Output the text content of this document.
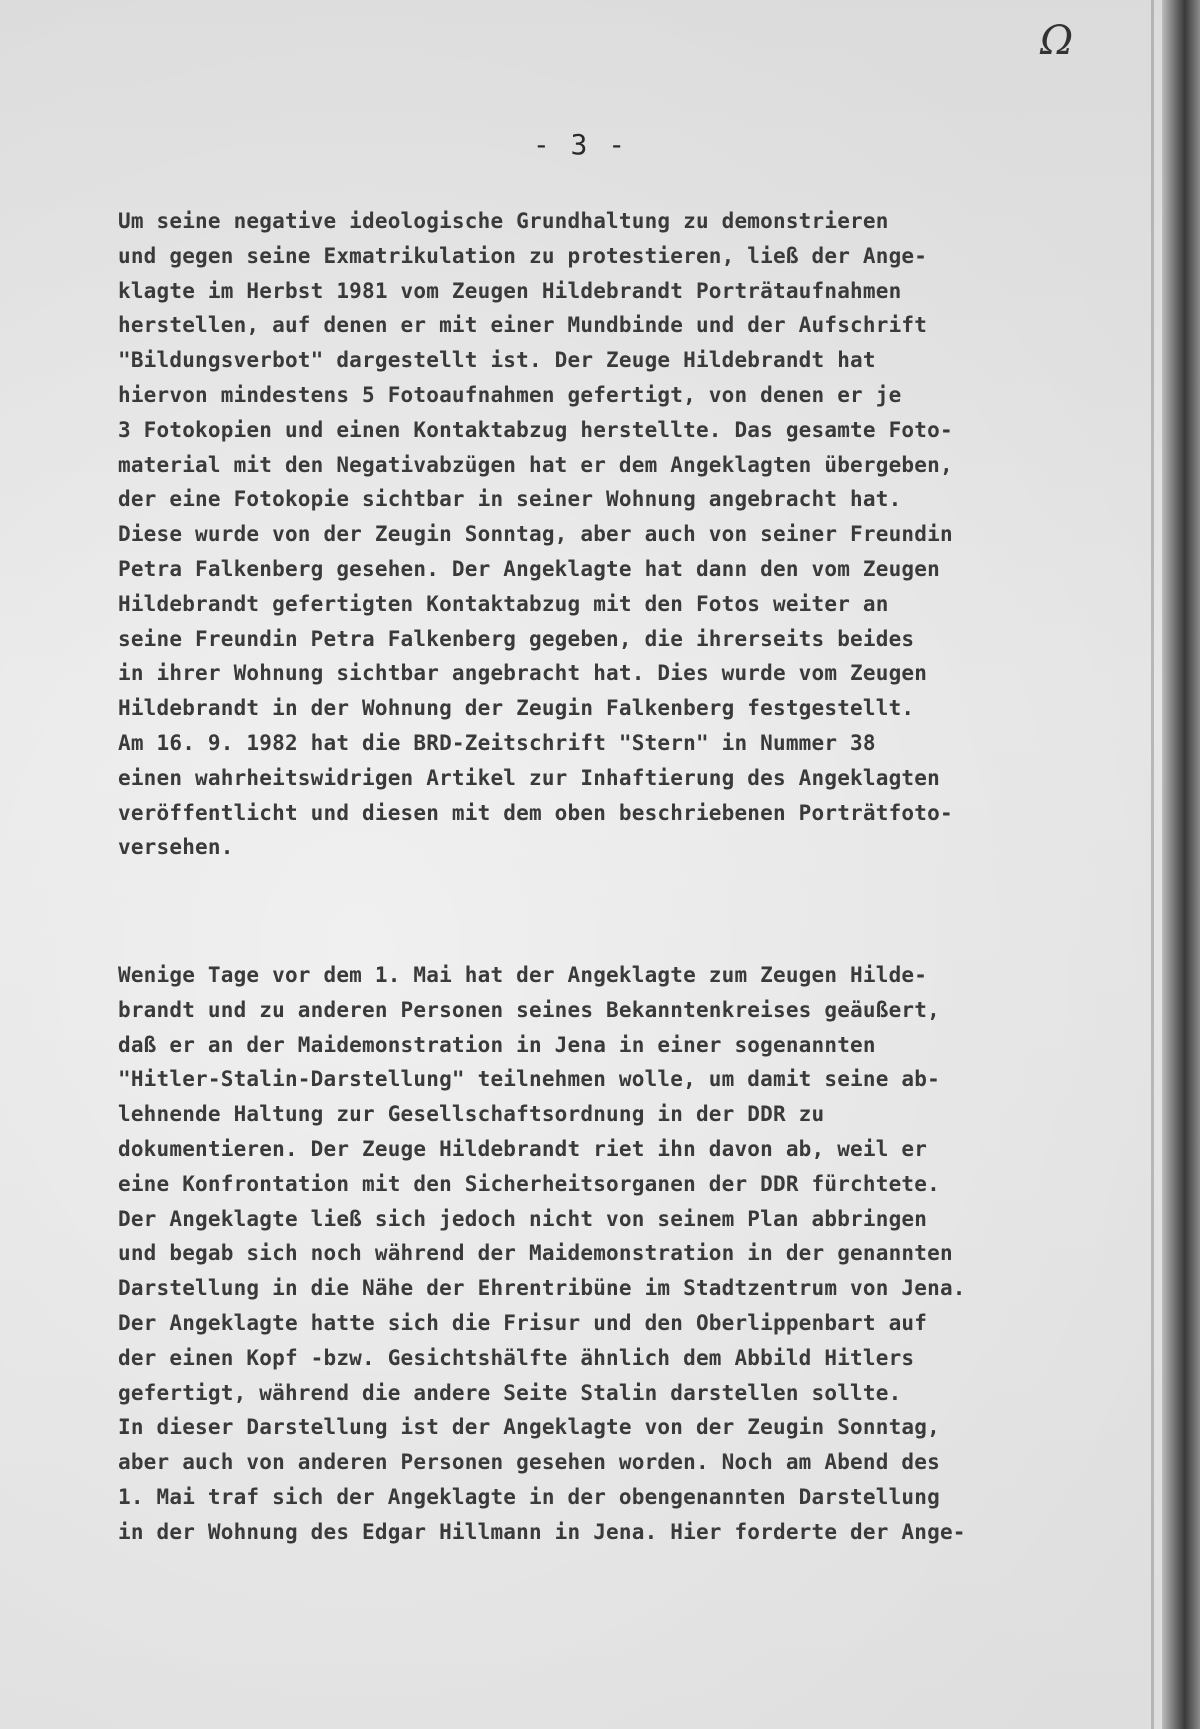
Ω
- 3 -
Um seine negative ideologische Grundhaltung zu demonstrieren
und gegen seine Exmatrikulation zu protestieren, ließ der Ange-
klagte im Herbst 1981 vom Zeugen Hildebrandt Porträtaufnahmen
herstellen, auf denen er mit einer Mundbinde und der Aufschrift
"Bildungsverbot" dargestellt ist. Der Zeuge Hildebrandt hat
hiervon mindestens 5 Fotoaufnahmen gefertigt, von denen er je
3 Fotokopien und einen Kontaktabzug herstellte. Das gesamte Foto-
material mit den Negativabzügen hat er dem Angeklagten übergeben,
der eine Fotokopie sichtbar in seiner Wohnung angebracht hat.
Diese wurde von der Zeugin Sonntag, aber auch von seiner Freundin
Petra Falkenberg gesehen. Der Angeklagte hat dann den vom Zeugen
Hildebrandt gefertigten Kontaktabzug mit den Fotos weiter an
seine Freundin Petra Falkenberg gegeben, die ihrerseits beides
in ihrer Wohnung sichtbar angebracht hat. Dies wurde vom Zeugen
Hildebrandt in der Wohnung der Zeugin Falkenberg festgestellt.
Am 16. 9. 1982 hat die BRD-Zeitschrift "Stern" in Nummer 38
einen wahrheitswidrigen Artikel zur Inhaftierung des Angeklagten
veröffentlicht und diesen mit dem oben beschriebenen Porträtfoto-
versehen.
Wenige Tage vor dem 1. Mai hat der Angeklagte zum Zeugen Hilde-
brandt und zu anderen Personen seines Bekanntenkreises geäußert,
daß er an der Maidemonstration in Jena in einer sogenannten
"Hitler-Stalin-Darstellung" teilnehmen wolle, um damit seine ab-
lehnende Haltung zur Gesellschaftsordnung in der DDR zu
dokumentieren. Der Zeuge Hildebrandt riet ihn davon ab, weil er
eine Konfrontation mit den Sicherheitsorganen der DDR fürchtete.
Der Angeklagte ließ sich jedoch nicht von seinem Plan abbringen
und begab sich noch während der Maidemonstration in der genannten
Darstellung in die Nähe der Ehrentribüne im Stadtzentrum von Jena.
Der Angeklagte hatte sich die Frisur und den Oberlippenbart auf
der einen Kopf -bzw. Gesichtshälfte ähnlich dem Abbild Hitlers
gefertigt, während die andere Seite Stalin darstellen sollte.
In dieser Darstellung ist der Angeklagte von der Zeugin Sonntag,
aber auch von anderen Personen gesehen worden. Noch am Abend des
1. Mai traf sich der Angeklagte in der obengenannten Darstellung
in der Wohnung des Edgar Hillmann in Jena. Hier forderte der Ange-
